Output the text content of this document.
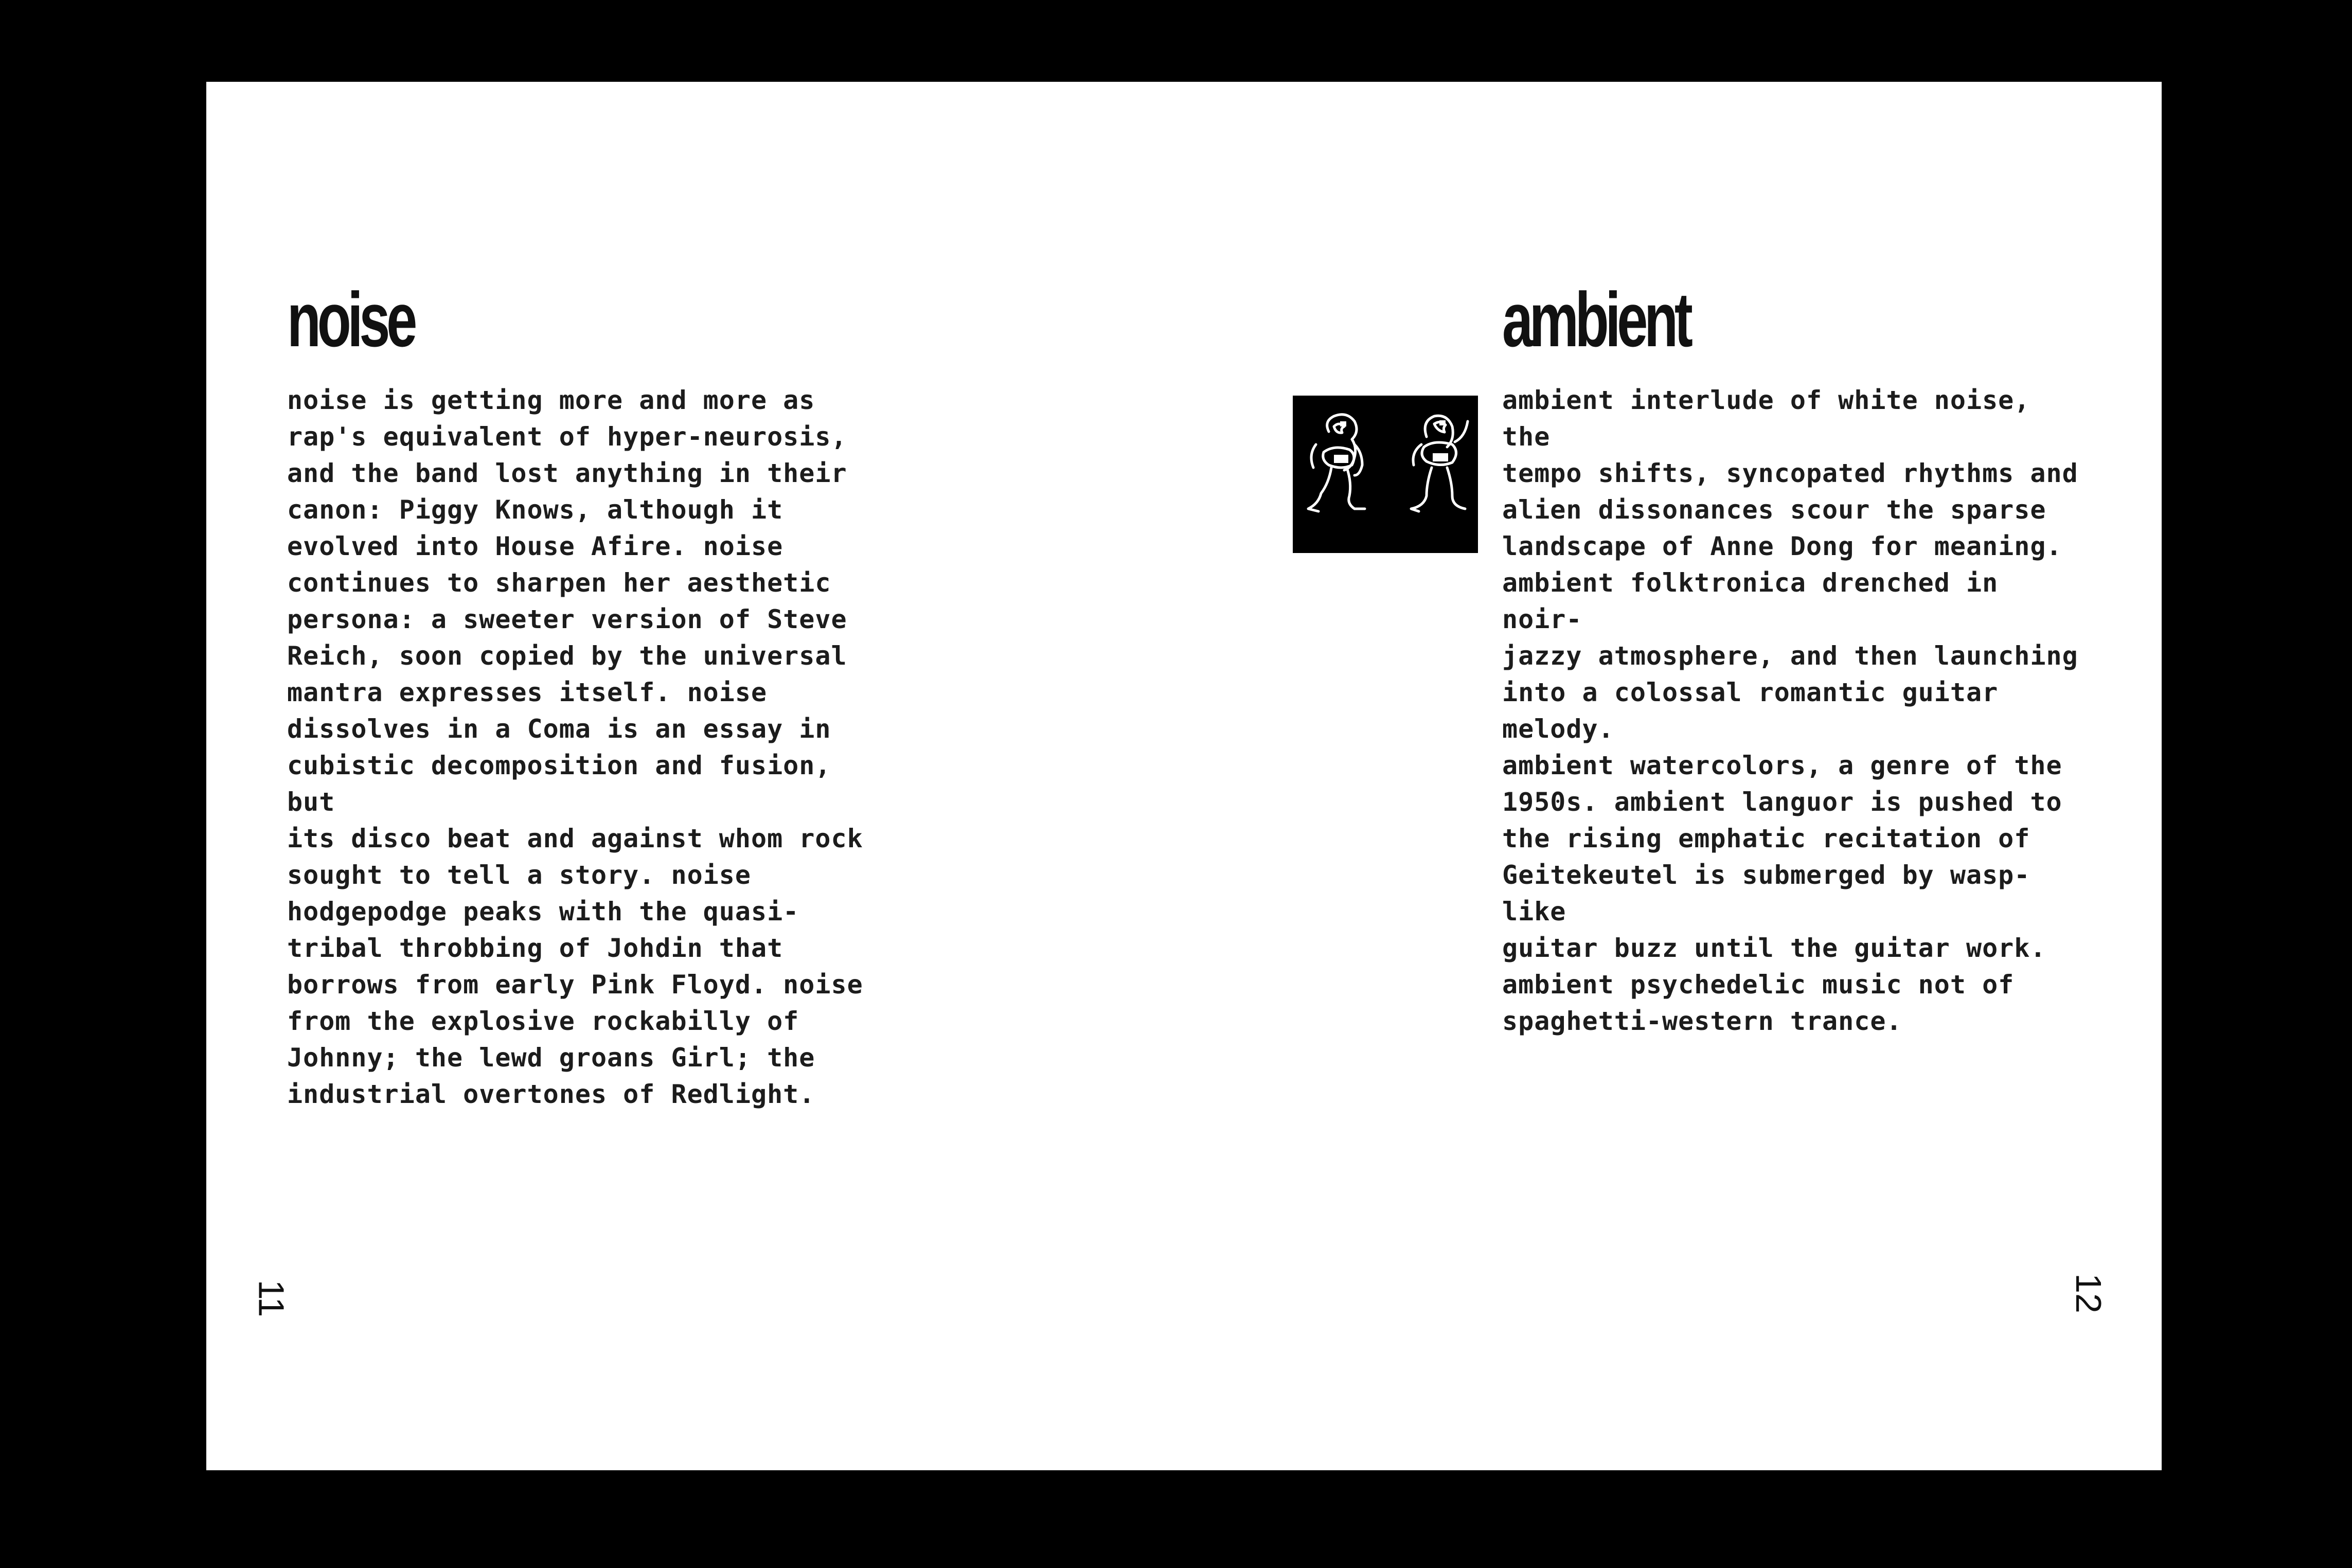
noise

noise is getting more and more as
rap's equivalent of hyper-neurosis,
and the band lost anything in their
canon: Piggy Knows, although it
evolved into House Afire. noise
continues to sharpen her aesthetic
persona: a sweeter version of Steve
Reich, soon copied by the universal
mantra expresses itself. noise
dissolves in a Coma is an essay in
cubistic decomposition and fusion, but
its disco beat and against whom rock
sought to tell a story. noise
hodgepodge peaks with the quasi-
tribal throbbing of Johdin that
borrows from early Pink Floyd. noise
from the explosive rockabilly of
Johnny; the lewd groans Girl; the
industrial overtones of Redlight.

11
ambient

ambient interlude of white noise, the
tempo shifts, syncopated rhythms and
alien dissonances scour the sparse
landscape of Anne Dong for meaning.
ambient folktronica drenched in noir-
jazzy atmosphere, and then launching
into a colossal romantic guitar melody.
ambient watercolors, a genre of the
1950s. ambient languor is pushed to
the rising emphatic recitation of
Geitekeutel is submerged by wasp-like
guitar buzz until the guitar work.
ambient psychedelic music not of
spaghetti-western trance.

12
